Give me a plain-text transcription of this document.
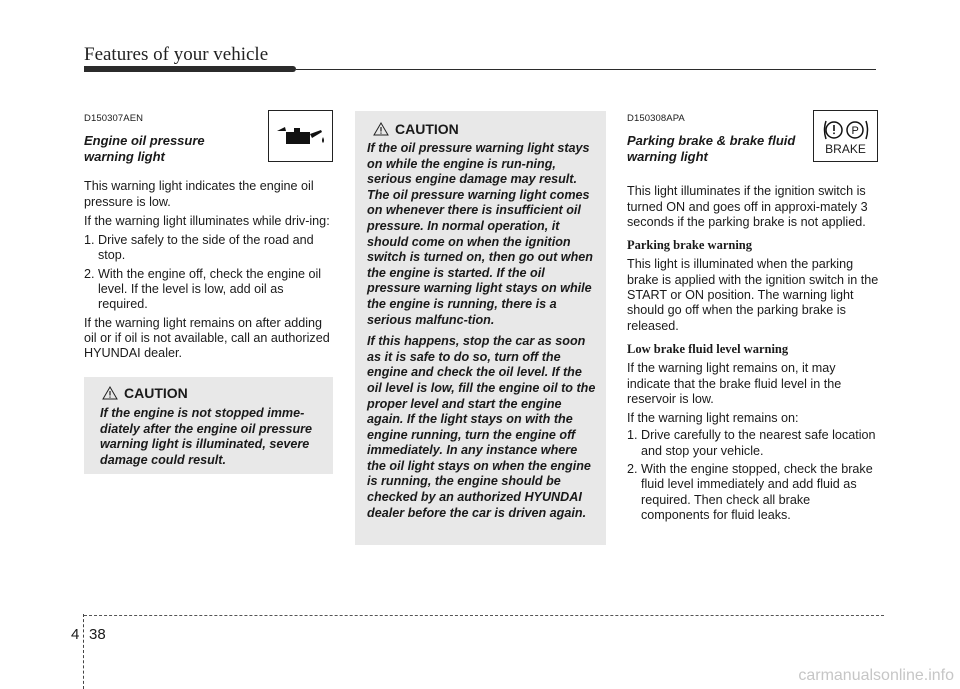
Features of your vehicle
D150307AEN
Engine oil pressure warning light

This warning light indicates the engine oil pressure is low.

If the warning light illuminates while driv-ing:

1. Drive safely to the side of the road and stop.

2. With the engine off, check the engine oil level. If the level is low, add oil as required.

If the warning light remains on after adding oil or if oil is not available, call an authorized HYUNDAI dealer.

CAUTION
If the engine is not stopped imme-diately after the engine oil pressure warning light is illuminated, severe damage could result.
CAUTION
If the oil pressure warning light stays on while the engine is run-ning, serious engine damage may result. The oil pressure warning light comes on whenever there is insufficient oil pressure. In normal operation, it should come on when the ignition switch is turned on, then go out when the engine is started. If the oil pressure warning light stays on while the engine is running, there is a serious malfunc-tion.
If this happens, stop the car as soon as it is safe to do so, turn off the engine and check the oil level. If the oil level is low, fill the engine oil to the proper level and start the engine again. If the light stays on with the engine running, turn the engine off immediately. In any instance where the oil light stays on when the engine is running, the engine should be checked by an authorized HYUNDAI dealer before the car is driven again.
D150308APA
Parking brake & brake fluid warning light

This light illuminates if the ignition switch is turned ON and goes off in approxi-mately 3 seconds if the parking brake is not applied.

Parking brake warning

This light is illuminated when the parking brake is applied with the ignition switch in the START or ON position. The warning light should go off when the parking brake is released.

Low brake fluid level warning

If the warning light remains on, it may indicate that the brake fluid level in the reservoir is low.

If the warning light remains on:

1. Drive carefully to the nearest safe location and stop your vehicle.

2. With the engine stopped, check the brake fluid level immediately and add fluid as required. Then check all brake components for fluid leaks.

P
BRAKE
4 38
carmanualsonline.info
